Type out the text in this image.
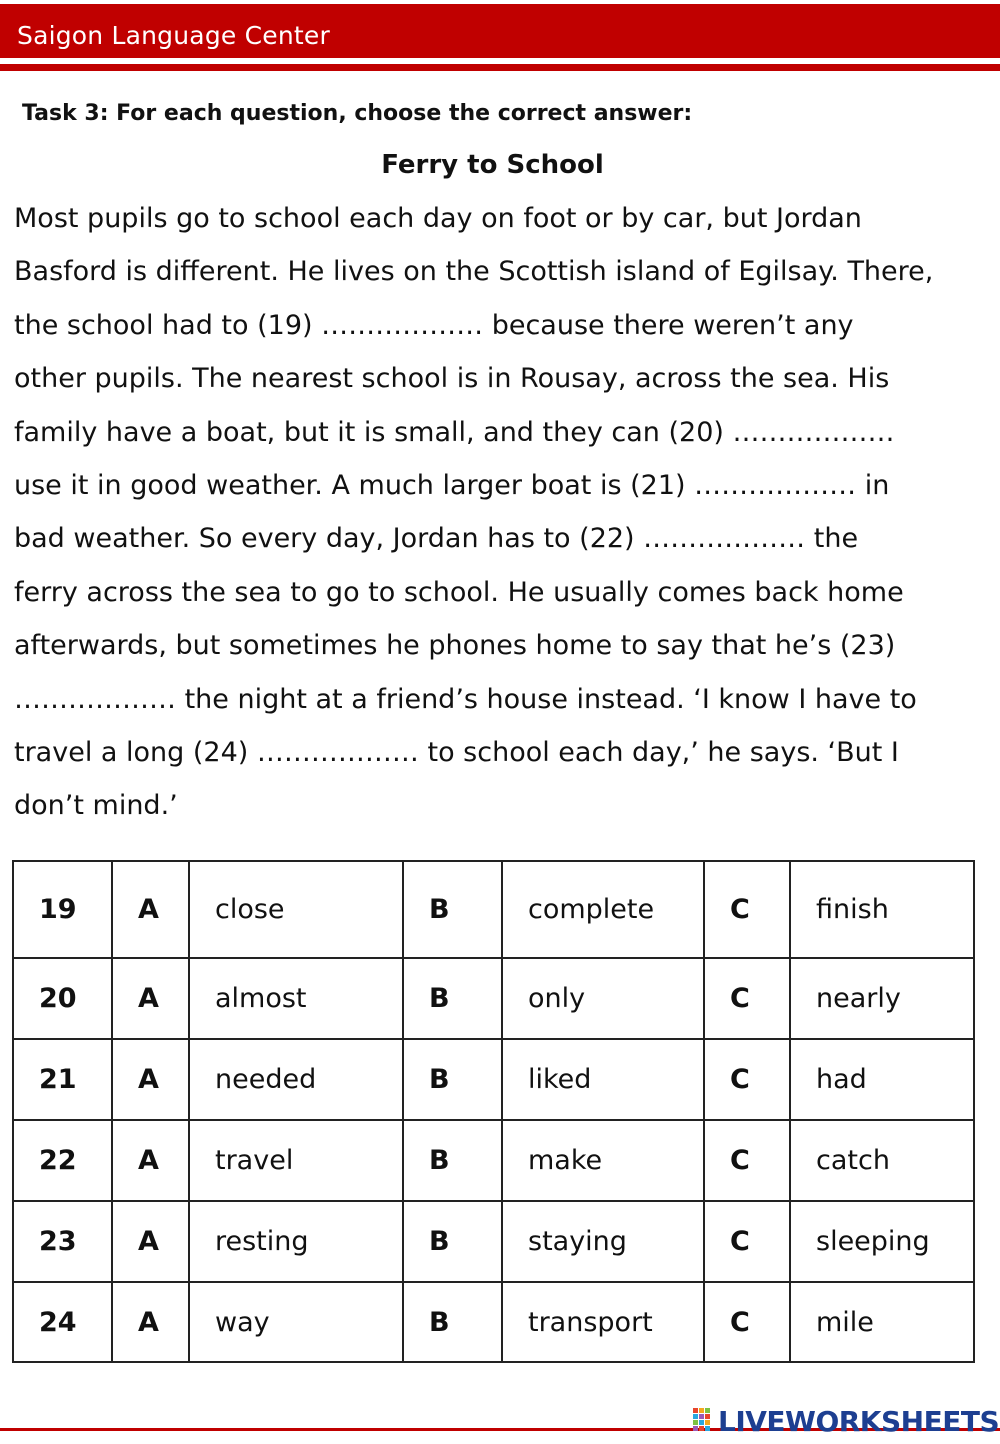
Saigon Language Center
Task 3: For each question, choose the correct answer:
Ferry to School
Most pupils go to school each day on foot or by car, but Jordan
Basford is different. He lives on the Scottish island of Egilsay. There,
the school had to (19) ……………… because there weren’t any
other pupils. The nearest school is in Rousay, across the sea. His
family have a boat, but it is small, and they can (20) ………………
use it in good weather. A much larger boat is (21) ……………… in
bad weather. So every day, Jordan has to (22) ……………… the
ferry across the sea to go to school. He usually comes back home
afterwards, but sometimes he phones home to say that he’s (23)
……………… the night at a friend’s house instead. ‘I know I have to
travel a long (24) ……………… to school each day,’ he says. ‘But I
don’t mind.’
19	A	close	B	complete	C	finish
20	A	almost	B	only	C	nearly
21	A	needed	B	liked	C	had
22	A	travel	B	make	C	catch
23	A	resting	B	staying	C	sleeping
24	A	way	B	transport	C	mile
LIVEWORKSHEETS
